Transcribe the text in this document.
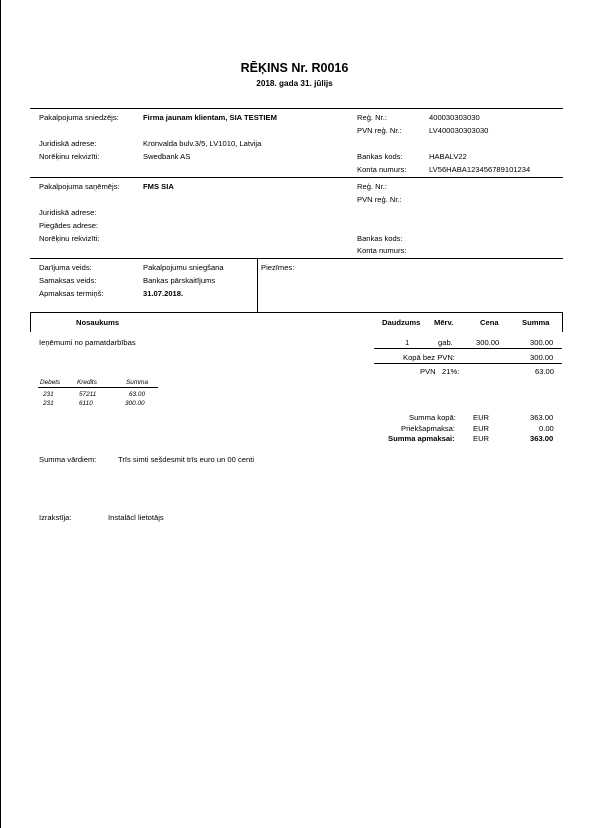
RĒĶINS Nr. R0016
2018. gada 31. jūlijs
Pakalpojuma sniedzējs:	Firma jaunam klientam, SIA TESTIEM	Reģ. Nr.:	400030303030
PVN reģ. Nr.:	LV400030303030
Juridiskā adrese:	Kronvalda bulv.3/5, LV1010, Latvija
Norēķinu rekvizīti:	Swedbank AS	Bankas kods:	HABALV22
Konta numurs:	LV56HABA123456789101234
Pakalpojuma saņēmējs:	FMS SIA	Reģ. Nr.:
PVN reģ. Nr.:
Juridiskā adrese:
Piegādes adrese:
Norēķinu rekvizīti:	Bankas kods:
Konta numurs:
Darījuma veids:	Pakalpojumu sniegšana	Piezīmes:
Samaksas veids:	Bankas pārskaitījums
Apmaksas termiņš:	31.07.2018.
Nosaukums	Daudzums Mērv.	Cena	Summa
Ieņēmumi no pamatdarbības	1	gab.	300.00	300.00
Kopā bez PVN:	300.00
PVN 21%:	63.00
Debets	Kredīts	Summa
231	57211	63.00
231	6110	300.00
Summa kopā: EUR	363.00
Priekšapmaksa: EUR	0.00
Summa apmaksai: EUR	363.00
Summa vārdiem:	Trīs simti sešdesmit trīs euro un 00 centi
Izrakstīja:	Instalācl lietotājs
